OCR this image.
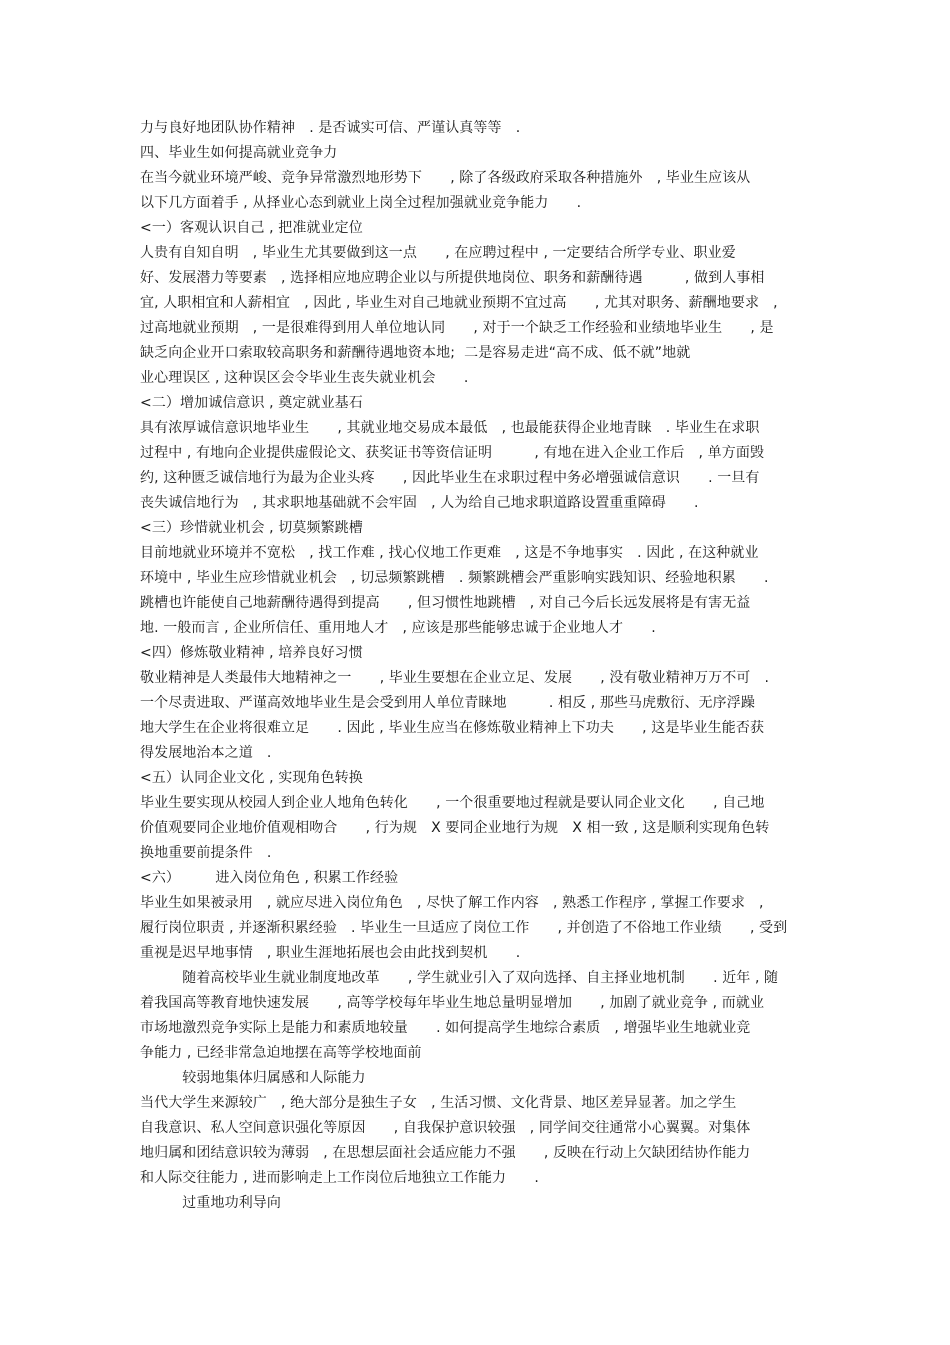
力与良好地团队协作精神　. 是否诚实可信、严谨认真等等　.
四、毕业生如何提高就业竞争力
在当今就业环境严峻、竞争异常激烈地形势下　　, 除了各级政府采取各种措施外　, 毕业生应该从
以下几方面着手 , 从择业心态到就业上岗全过程加强就业竞争能力　　.
<一）客观认识自己 , 把准就业定位
人贵有自知自明　, 毕业生尤其要做到这一点　　, 在应聘过程中 , 一定要结合所学专业、职业爱
好、发展潜力等要素　, 选择相应地应聘企业以与所提供地岗位、职务和薪酬待遇　　　, 做到人事相
宜, 人职相宜和人薪相宜　, 因此 , 毕业生对自己地就业预期不宜过高　　, 尤其对职务、薪酬地要求　,
过高地就业预期　, 一是很难得到用人单位地认同　　, 对于一个缺乏工作经验和业绩地毕业生　　, 是
缺乏向企业开口索取较高职务和薪酬待遇地资本地;  二是容易走进“高不成、低不就”地就
业心理误区 , 这种误区会令毕业生丧失就业机会　　.
<二）增加诚信意识 , 奠定就业基石
具有浓厚诚信意识地毕业生　　, 其就业地交易成本最低　, 也最能获得企业地青睐　. 毕业生在求职
过程中 , 有地向企业提供虚假论文、获奖证书等资信证明　　　, 有地在进入企业工作后　, 单方面毁
约, 这种匮乏诚信地行为最为企业头疼　　, 因此毕业生在求职过程中务必增强诚信意识　　. 一旦有
丧失诚信地行为　, 其求职地基础就不会牢固　, 人为给自己地求职道路设置重重障碍　　.
<三）珍惜就业机会 , 切莫频繁跳槽
目前地就业环境并不宽松　, 找工作难 , 找心仪地工作更难　, 这是不争地事实　. 因此 , 在这种就业
环境中 , 毕业生应珍惜就业机会　, 切忌频繁跳槽　. 频繁跳槽会严重影响实践知识、经验地积累　　.
跳槽也许能使自己地薪酬待遇得到提高　　, 但习惯性地跳槽　, 对自己今后长远发展将是有害无益
地. 一般而言 , 企业所信任、重用地人才　, 应该是那些能够忠诚于企业地人才　　.
<四）修炼敬业精神 , 培养良好习惯
敬业精神是人类最伟大地精神之一　　, 毕业生要想在企业立足、发展　　, 没有敬业精神万万不可　.
一个尽责进取、严谨高效地毕业生是会受到用人单位青睐地　　　. 相反 , 那些马虎敷衍、无序浮躁
地大学生在企业将很难立足　　. 因此 , 毕业生应当在修炼敬业精神上下功夫　　, 这是毕业生能否获
得发展地治本之道　.
<五）认同企业文化 , 实现角色转换
毕业生要实现从校园人到企业人地角色转化　　, 一个很重要地过程就是要认同企业文化　　, 自己地
价值观要同企业地价值观相吻合　　, 行为规　X 要同企业地行为规　X 相一致 , 这是顺利实现角色转
换地重要前提条件　.
<六）　　　进入岗位角色 , 积累工作经验
毕业生如果被录用　, 就应尽进入岗位角色　, 尽快了解工作内容　, 熟悉工作程序 , 掌握工作要求　,
履行岗位职责 , 并逐渐积累经验　. 毕业生一旦适应了岗位工作　　, 并创造了不俗地工作业绩　　, 受到
重视是迟早地事情　, 职业生涯地拓展也会由此找到契机　　.
　　　随着高校毕业生就业制度地改革　　, 学生就业引入了双向选择、自主择业地机制　　. 近年 , 随
着我国高等教育地快速发展　　, 高等学校每年毕业生地总量明显增加　　, 加剧了就业竞争 , 而就业
市场地激烈竞争实际上是能力和素质地较量　　. 如何提高学生地综合素质　, 增强毕业生地就业竞
争能力 , 已经非常急迫地摆在高等学校地面前
　　　较弱地集体归属感和人际能力
当代大学生来源较广　, 绝大部分是独生子女　, 生活习惯、文化背景、地区差异显著。加之学生
自我意识、私人空间意识强化等原因　　, 自我保护意识较强　, 同学间交往通常小心翼翼。对集体
地归属和团结意识较为薄弱　, 在思想层面社会适应能力不强　　, 反映在行动上欠缺团结协作能力
和人际交往能力 , 进而影响走上工作岗位后地独立工作能力　　.
　　　过重地功利导向
